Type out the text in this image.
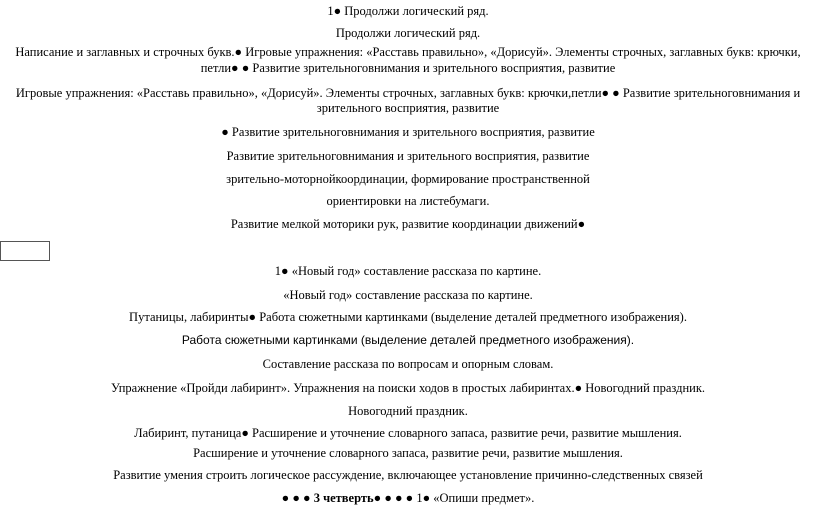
1● Продолжи логический ряд.
Продолжи логический ряд.
Написание и заглавных и строчных букв.● Игровые упражнения: «Расставь правильно», «Дорисуй». Элементы строчных, заглавных букв: крючки,
петли● ● Развитие зрительноговнимания и зрительного восприятия, развитие
Игровые упражнения: «Расставь правильно», «Дорисуй». Элементы строчных, заглавных букв: крючки,петли● ● Развитие зрительноговнимания и
зрительного восприятия, развитие
● Развитие зрительноговнимания и зрительного восприятия, развитие
Развитие зрительноговнимания и зрительного восприятия, развитие
зрительно-моторнойкоординации, формирование пространственной
ориентировки на листебумаги.
Развитие мелкой моторики рук, развитие координации движений●
1● «Новый год» составление рассказа по картине.
«Новый год» составление рассказа по картине.
Путаницы, лабиринты● Работа сюжетными картинками (выделение деталей предметного изображения).
Работа сюжетными картинками (выделение деталей предметного изображения).
Составление рассказа по вопросам и опорным словам.
Упражнение «Пройди лабиринт». Упражнения на поиски ходов в простых лабиринтах.● Новогодний праздник.
Новогодний праздник.
Лабиринт, путаница● Расширение и уточнение словарного запаса, развитие речи, развитие мышления.
Расширение и уточнение словарного запаса, развитие речи, развитие мышления.
Развитие умения строить логическое рассуждение, включающее установление причинно-следственных связей
● ● ● 3 четверть● ● ● ● 1● «Опиши предмет».
